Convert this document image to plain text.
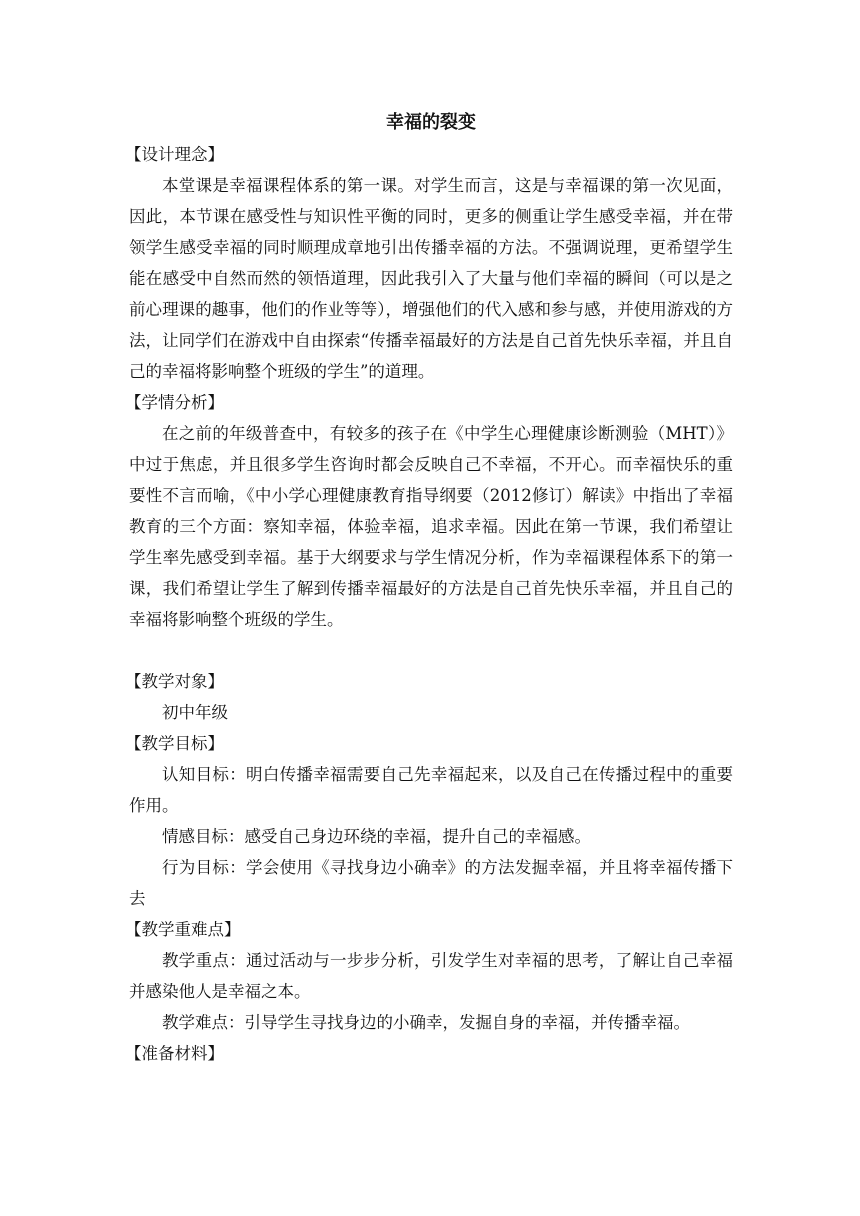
幸福的裂变

【设计理念】

本堂课是幸福课程体系的第一课。对学生而言，这是与幸福课的第一次见面，因此，本节课在感受性与知识性平衡的同时，更多的侧重让学生感受幸福，并在带领学生感受幸福的同时顺理成章地引出传播幸福的方法。不强调说理，更希望学生能在感受中自然而然的领悟道理，因此我引入了大量与他们幸福的瞬间（可以是之前心理课的趣事，他们的作业等等），增强他们的代入感和参与感，并使用游戏的方法，让同学们在游戏中自由探索“传播幸福最好的方法是自己首先快乐幸福，并且自己的幸福将影响整个班级的学生”的道理。

【学情分析】

在之前的年级普查中，有较多的孩子在《中学生心理健康诊断测验（MHT）》中过于焦虑，并且很多学生咨询时都会反映自己不幸福，不开心。而幸福快乐的重要性不言而喻，《中小学心理健康教育指导纲要（2012修订）解读》中指出了幸福教育的三个方面：察知幸福，体验幸福，追求幸福。因此在第一节课，我们希望让学生率先感受到幸福。基于大纲要求与学生情况分析，作为幸福课程体系下的第一课，我们希望让学生了解到传播幸福最好的方法是自己首先快乐幸福，并且自己的幸福将影响整个班级的学生。

【教学对象】

初中年级

【教学目标】

认知目标：明白传播幸福需要自己先幸福起来，以及自己在传播过程中的重要作用。

情感目标：感受自己身边环绕的幸福，提升自己的幸福感。

行为目标：学会使用《寻找身边小确幸》的方法发掘幸福，并且将幸福传播下去

【教学重难点】

教学重点：通过活动与一步步分析，引发学生对幸福的思考，了解让自己幸福并感染他人是幸福之本。

教学难点：引导学生寻找身边的小确幸，发掘自身的幸福，并传播幸福。

【准备材料】
